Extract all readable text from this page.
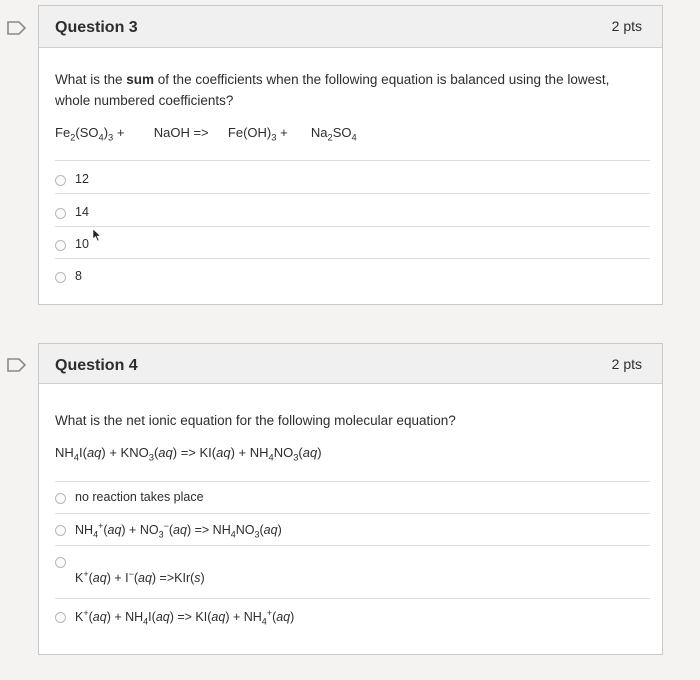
Question 3	2 pts
What is the sum of the coefficients when the following equation is balanced using the lowest, whole numbered coefficients?
$Fe_2(SO_4)_3$ + NaOH => $Fe(OH)_3 + Na_2SO_4$
12
14
10
8
Question 4	2 pts
What is the net ionic equation for the following molecular equation?
$NH_4I(aq) + KNO_3(aq) => KI(aq) + NH_4NO_3(aq)$
no reaction takes place
$NH_4^+(aq) + NO_3^-(aq) => NH_4NO_3(aq)$
K+(aq) + I−(aq) =>KIr(s)
$K^+(aq) + NH_4I(aq) => KI(aq) + NH_4^+(aq)$
